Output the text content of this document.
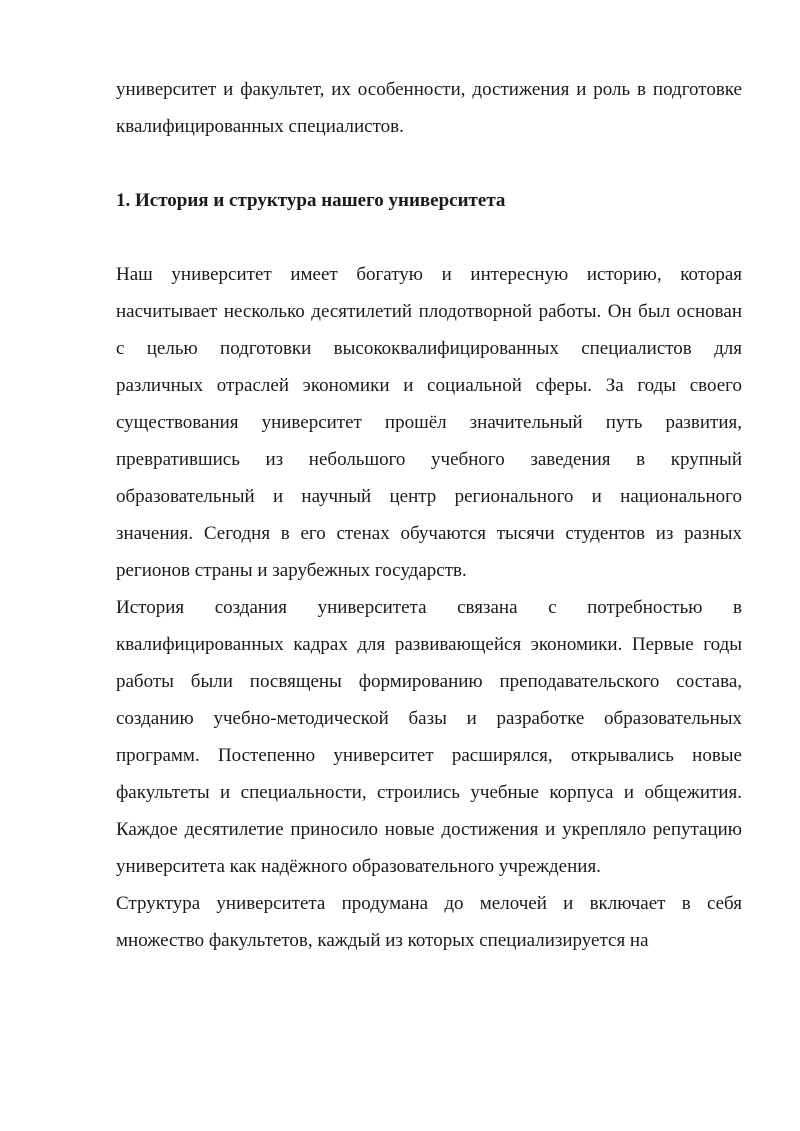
университет и факультет, их особенности, достижения и роль в подготовке квалифицированных специалистов.

1. История и структура нашего университета

Наш университет имеет богатую и интересную историю, которая насчитывает несколько десятилетий плодотворной работы. Он был основан с целью подготовки высококвалифицированных специалистов для различных отраслей экономики и социальной сферы. За годы своего существования университет прошёл значительный путь развития, превратившись из небольшого учебного заведения в крупный образовательный и научный центр регионального и национального значения. Сегодня в его стенах обучаются тысячи студентов из разных регионов страны и зарубежных государств.

История создания университета связана с потребностью в квалифицированных кадрах для развивающейся экономики. Первые годы работы были посвящены формированию преподавательского состава, созданию учебно-методической базы и разработке образовательных программ. Постепенно университет расширялся, открывались новые факультеты и специальности, строились учебные корпуса и общежития. Каждое десятилетие приносило новые достижения и укрепляло репутацию университета как надёжного образовательного учреждения.

Структура университета продумана до мелочей и включает в себя множество факультетов, каждый из которых специализируется на
